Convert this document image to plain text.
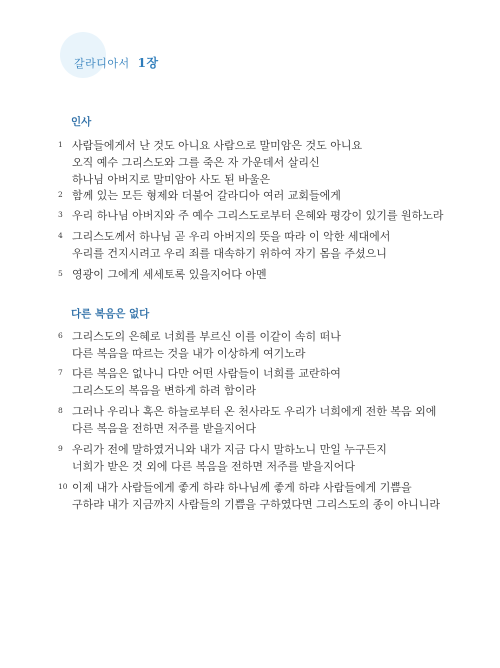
갈라디아서 1장
인사
1 사람들에게서 난 것도 아니요 사람으로 말미암은 것도 아니요
오직 예수 그리스도와 그를 죽은 자 가운데서 살리신
하나님 아버지로 말미암아 사도 된 바울은
2 함께 있는 모든 형제와 더불어 갈라디아 여러 교회들에게
3 우리 하나님 아버지와 주 예수 그리스도로부터 은혜와 평강이 있기를 원하노라
4 그리스도께서 하나님 곧 우리 아버지의 뜻을 따라 이 악한 세대에서
우리를 건지시려고 우리 죄를 대속하기 위하여 자기 몸을 주셨으니
5 영광이 그에게 세세토록 있을지어다 아멘
다른 복음은 없다
6 그리스도의 은혜로 너희를 부르신 이를 이같이 속히 떠나
다른 복음을 따르는 것을 내가 이상하게 여기노라
7 다른 복음은 없나니 다만 어떤 사람들이 너희를 교란하여
그리스도의 복음을 변하게 하려 함이라
8 그러나 우리나 혹은 하늘로부터 온 천사라도 우리가 너희에게 전한 복음 외에
다른 복음을 전하면 저주를 받을지어다
9 우리가 전에 말하였거니와 내가 지금 다시 말하노니 만일 누구든지
너희가 받은 것 외에 다른 복음을 전하면 저주를 받을지어다
10 이제 내가 사람들에게 좋게 하랴 하나님께 좋게 하랴 사람들에게 기쁨을
구하랴 내가 지금까지 사람들의 기쁨을 구하였다면 그리스도의 종이 아니니라
